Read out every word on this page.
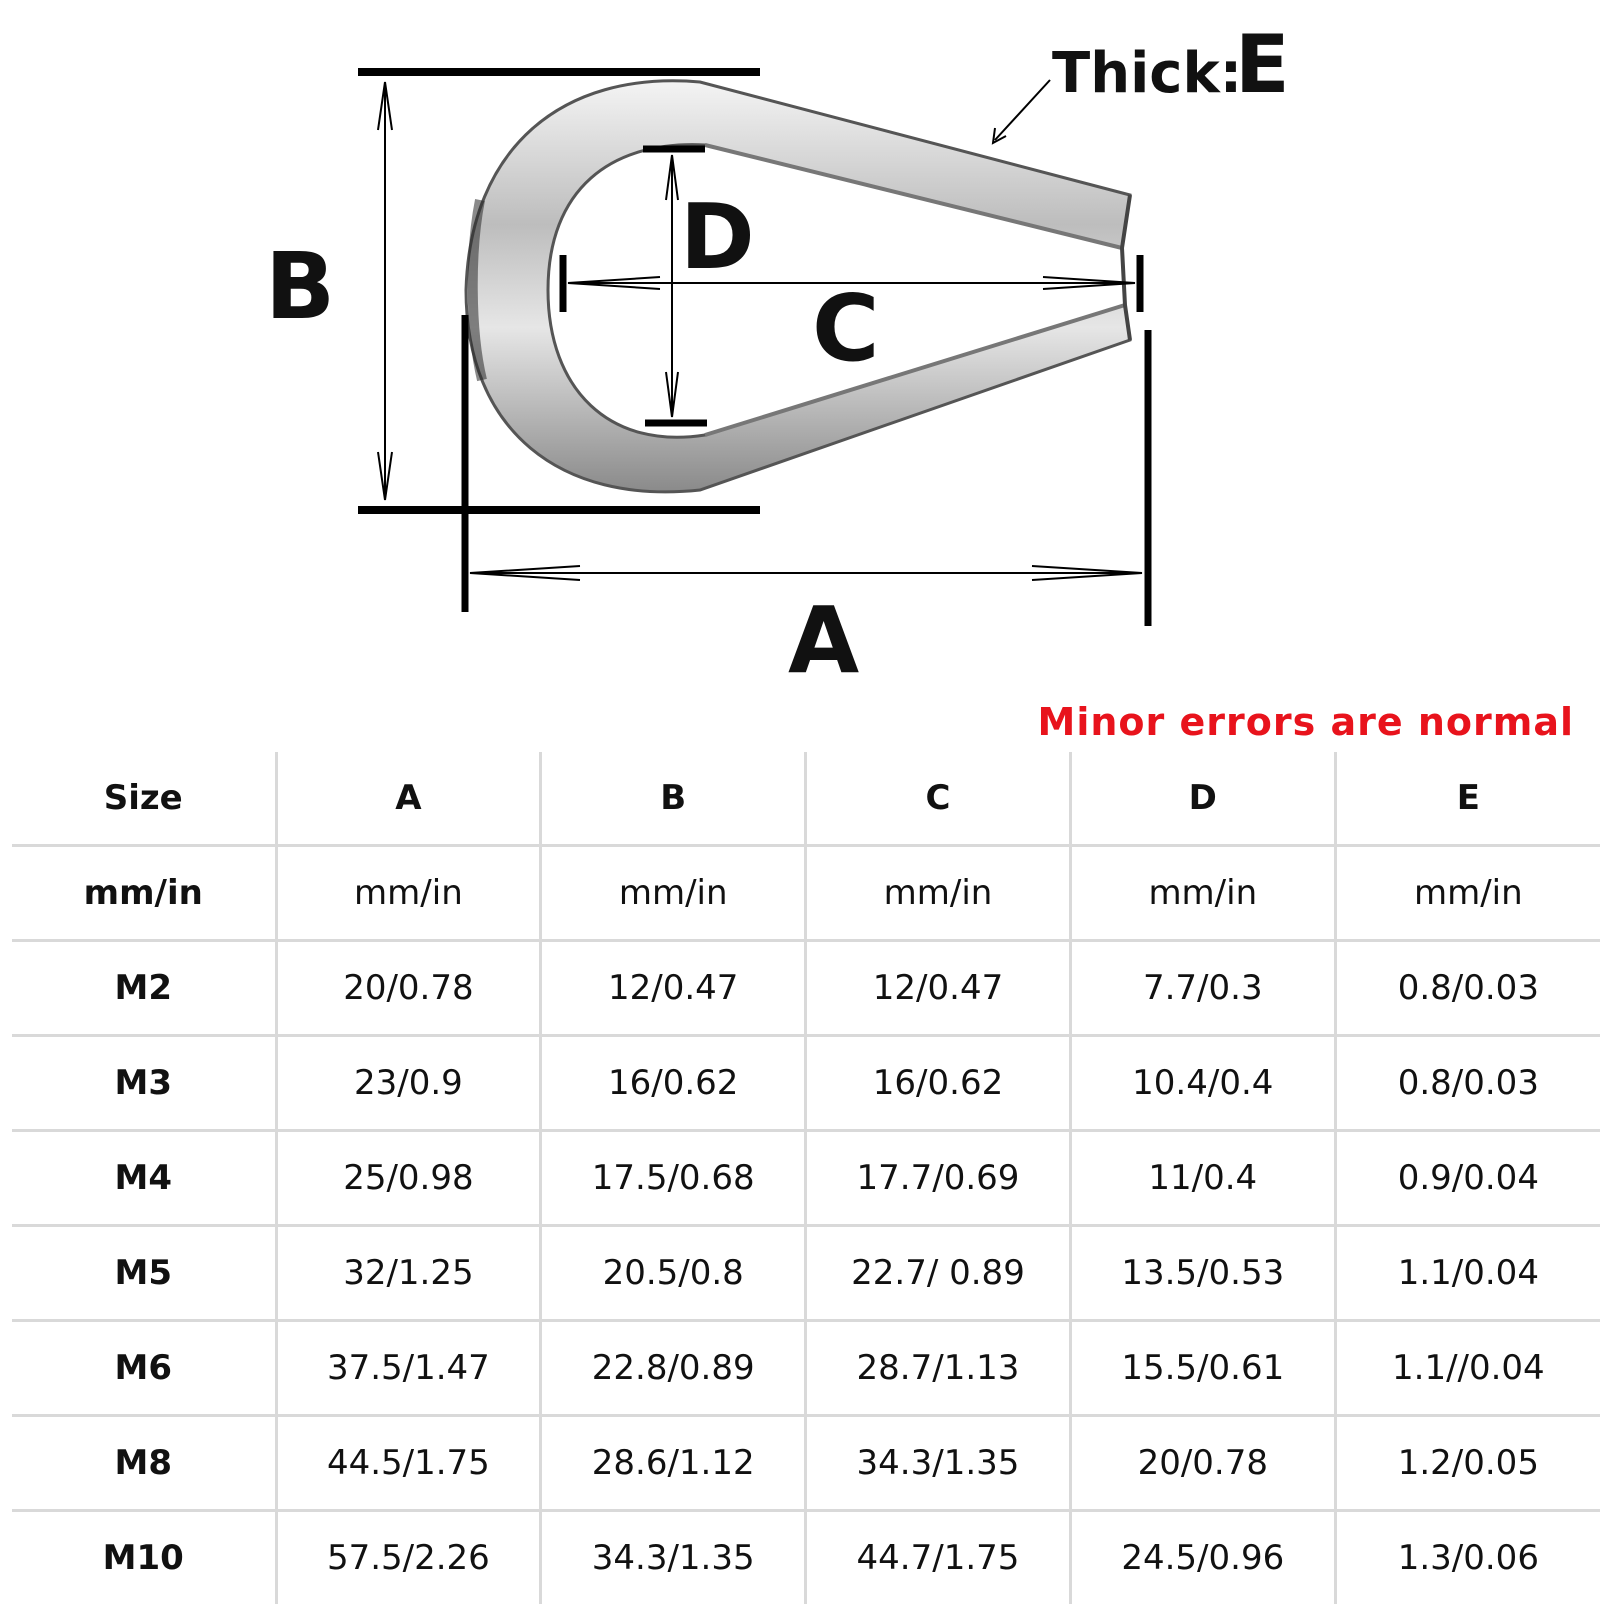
B
A
C
D
Thick:
E
Minor errors are normal
Size	A	B	C	D	E
mm/in	mm/in	mm/in	mm/in	mm/in	mm/in
M2	20/0.78	12/0.47	12/0.47	7.7/0.3	0.8/0.03
M3	23/0.9	16/0.62	16/0.62	10.4/0.4	0.8/0.03
M4	25/0.98	17.5/0.68	17.7/0.69	11/0.4	0.9/0.04
M5	32/1.25	20.5/0.8	22.7/ 0.89	13.5/0.53	1.1/0.04
M6	37.5/1.47	22.8/0.89	28.7/1.13	15.5/0.61	1.1//0.04
M8	44.5/1.75	28.6/1.12	34.3/1.35	20/0.78	1.2/0.05
M10	57.5/2.26	34.3/1.35	44.7/1.75	24.5/0.96	1.3/0.06
